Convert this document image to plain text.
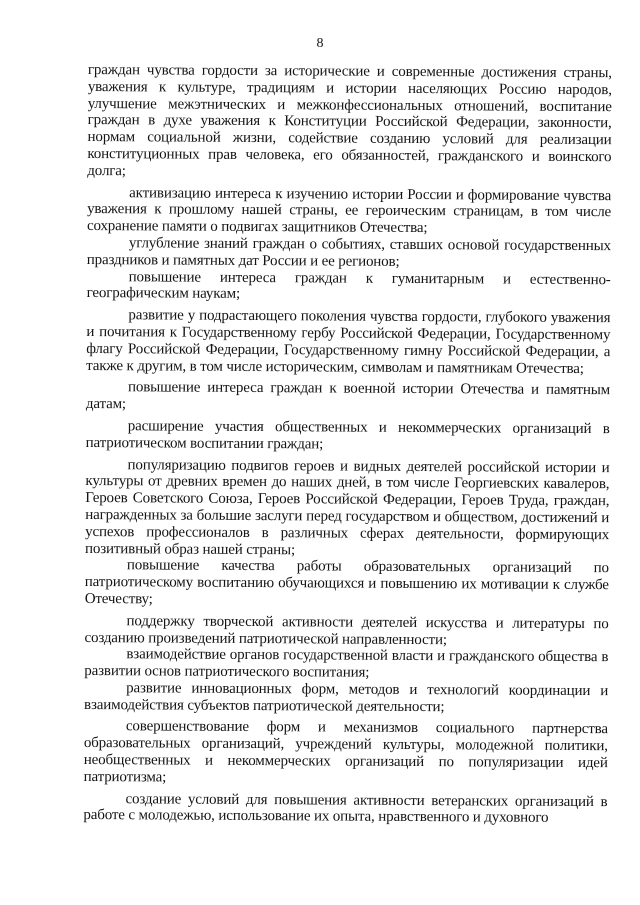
8

граждан чувства гордости за исторические и современные достижения страны, уважения к культуре, традициям и истории населяющих Россию народов, улучшение межэтнических и межконфессиональных отношений, воспитание граждан в духе уважения к Конституции Российской Федерации, законности, нормам социальной жизни, содействие созданию условий для реализации конституционных прав человека, его обязанностей, гражданского и воинского долга;

активизацию интереса к изучению истории России и формирование чувства уважения к прошлому нашей страны, ее героическим страницам, в том числе сохранение памяти о подвигах защитников Отечества;

углубление знаний граждан о событиях, ставших основой государственных праздников и памятных дат России и ее регионов;

повышение интереса граждан к гуманитарным и естественно-географическим наукам;

развитие у подрастающего поколения чувства гордости, глубокого уважения и почитания к Государственному гербу Российской Федерации, Государственному флагу Российской Федерации, Государственному гимну Российской Федерации, а также к другим, в том числе историческим, символам и памятникам Отечества;

повышение интереса граждан к военной истории Отечества и памятным датам;

расширение участия общественных и некоммерческих организаций в патриотическом воспитании граждан;

популяризацию подвигов героев и видных деятелей российской истории и культуры от древних времен до наших дней, в том числе Георгиевских кавалеров, Героев Советского Союза, Героев Российской Федерации, Героев Труда, граждан, награжденных за большие заслуги перед государством и обществом, достижений и успехов профессионалов в различных сферах деятельности, формирующих позитивный образ нашей страны;

повышение качества работы образовательных организаций по патриотическому воспитанию обучающихся и повышению их мотивации к службе Отечеству;

поддержку творческой активности деятелей искусства и литературы по созданию произведений патриотической направленности;

взаимодействие органов государственной власти и гражданского общества в развитии основ патриотического воспитания;

развитие инновационных форм, методов и технологий координации и взаимодействия субъектов патриотической деятельности;

совершенствование форм и механизмов социального партнерства образовательных организаций, учреждений культуры, молодежной политики, необщественных и некоммерческих организаций по популяризации идей патриотизма;

создание условий для повышения активности ветеранских организаций в работе с молодежью, использование их опыта, нравственного и духовного
